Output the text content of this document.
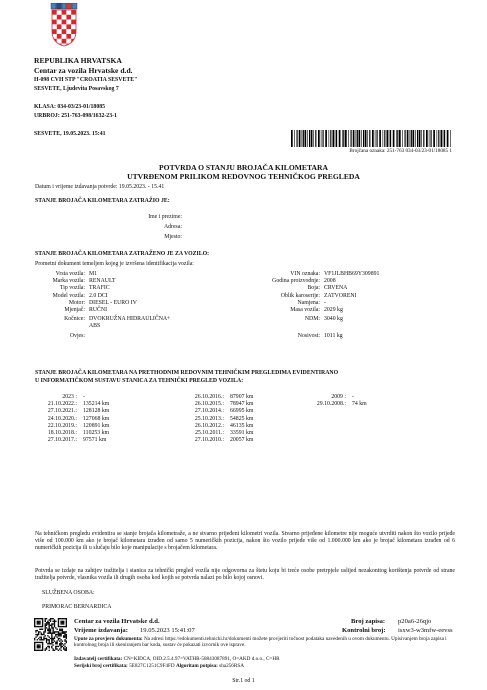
REPUBLIKA HRVATSKA
Centar za vozila Hrvatske d.d.
H-098 CVH STP "CROATIA SESVETE"
SESVETE, Ljudevita Posavskog 7
KLASA: 034-03/23-01/18085
URBROJ: 251-763-098/1632-23-1
SESVETE, 19.05.2023. 15:41
Brojčana oznaka: 251-763 034-03/23-01/18085 1
POTVRDA O STANJU BROJAČA KILOMETARA
UTVRĐENOM PRILIKOM REDOVNOG TEHNIČKOG PREGLEDA
Datum i vrijeme izdavanja potvrde: 19.05.2023. - 15.41
STANJE BROJAČA KILOMETARA ZATRAŽIO JE:
Ime i prezime:
Adresa:
Mjesto:
STANJE BROJAČA KILOMETARA ZATRAŽENO JE ZA VOZILO:
Prometni dokument temeljem kojeg je izvršena identifikacija vozila:
Vrsta vozila:	M1	VIN oznaka:	VF1JLBHB69Y309891
Marka vozila:	RENAULT	Godina proizvodnje:	2008
Tip vozila:	TRAFIC	Boja:	CRVENA
Model vozila:	2.0 DCI	Oblik karoserije:	ZATVORENI
Motor:	DIESEL - EURO IV	Namjena:	-
Mjenjač:	RUČNI	Masa vozila:	2029 kg
Kočnice:	DVOKRUŽNA HIDRAULIČNA+	NDM:	3040 kg
	ABS		
Ovjes:		Nosivost:	1011 kg
STANJE BROJAČA KILOMETARA NA PRETHODNIM REDOVNIM TEHNIČKIM PREGLEDIMA EVIDENTIRANO
U INFORMATIČKOM SUSTAVU STANICA ZA TEHNIČKI PREGLED VOZILA:
2023 :	-
21.10.2022.:	135214 km
27.10.2021.:	128128 km
24.10.2020.:	127068 km
22.10.2019.:	120891 km
18.10.2018.:	110253 km
27.10.2017.:	97571 km
26.10.2016.:	87907 km
26.10.2015.:	78947 km
27.10.2014.:	66995 km
25.10.2013.:	54825 km
26.10.2012.:	46135 km
25.10.2011.:	33591 km
27.10.2010.:	20057 km
2009 :	-
29.10.2008.:	74 km
Na tehničkom pregledu evidentira se stanje brojača kilometraže, a ne stvarno prijeđeni kilometri vozila. Stvarno prijeđene kilometre nije moguće utvrditi nakon što vozilo prijeđe više od 100.000 km ako je brojač kilometara izrađen od samo 5 numeričkih pozicija, nakon što vozilo prijeđe više od 1.000.000 km ako je brojač kilometara izrađen od 6 numeričkih pozicija ili u slučaju bilo koje manipulacije s brojačem kilometara.
Potvrda se izdaje na zahtjev tražitelja i stanica za tehnički pregled vozila nije odgovorna za štetu koju bi treće osobe pretrpjele uslijed nezakonitog korištenja potvrde od strane tražitelja potvrde, vlasnika vozila ili drugih osoba kod kojih se potvrda nalazi po bilo kojoj osnovi.
SLUŽBENA OSOBA:
PRIMORAC BERNARDICA
Centar za vozila Hrvatske d.d.	Broj zapisa: p20a6-26qjo
Vrijeme izdavanja: 19.05.2023 15:41:07	Kontrolni broj: isxw3-w3mfw-eevss
Upute za provjeru dokumenta: Na adresi https://edokumenti.tehnicki.hr/dokumenti možete provjeriti točnost podataka navedenih u ovom dokumentu. Upisivanjem broja zapisa i kontrolnog broja ili skeniranjem bar koda, sustav će pokazati izvornik ove isprave.
Izdavatelj certifikata: CN=KIDCA, OID.2.5.4.97=VATHR-58843087891, O=AKD d.o.o., C=HR
Serijski broj certifikata: 5E827C1251C9F4FD Algoritam potpisa: sha256RSA
Str.1 od 1
